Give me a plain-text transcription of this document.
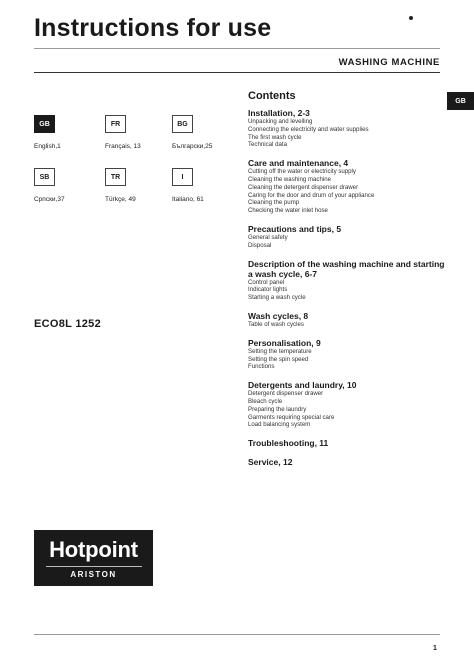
Instructions for use
WASHING MACHINE
GB
English,1
FR
Français, 13
BG
Български,25
SB
Српски,37
TR
Türkçe, 49
I
Italiano, 61
ECO8L 1252
GB
Contents
Installation, 2-3
Unpacking and levelling
Connecting the electricity and water supplies
The first wash cycle
Technical data
Care and maintenance, 4
Cutting off the water or electricity supply
Cleaning the washing machine
Cleaning the detergent dispenser drawer
Caring for the door and drum of your appliance
Cleaning the pump
Checking the water inlet hose
Precautions and tips, 5
General safety
Disposal
Description of the washing machine and starting a wash cycle, 6-7
Control panel
Indicator lights
Starting a wash cycle
Wash cycles, 8
Table of wash cycles
Personalisation, 9
Setting the temperature
Setting the spin speed
Functions
Detergents and laundry, 10
Detergent dispenser drawer
Bleach cycle
Preparing the laundry
Garments requiring special care
Load balancing system
Troubleshooting, 11
Service, 12
Hotpoint
ARISTON
1
